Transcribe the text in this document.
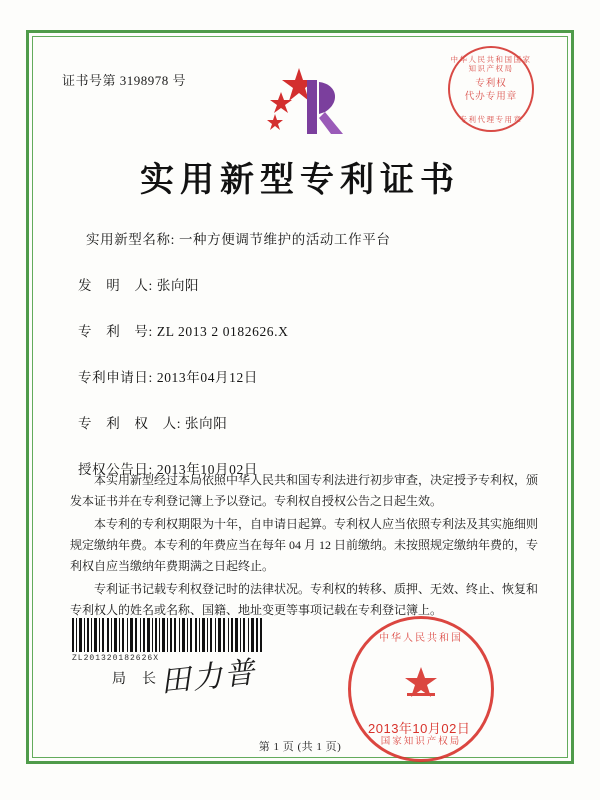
证书号第 3198978 号
中华人民共和国国家知识产权局
专利权
代办专用章
专利代理专用章
实用新型专利证书
实用新型名称: 一种方便调节维护的活动工作平台
发　明　人: 张向阳
专　利　号: ZL 2013 2 0182626.X
专利申请日: 2013年04月12日
专　利　权　人: 张向阳
授权公告日: 2013年10月02日

本实用新型经过本局依照中华人民共和国专利法进行初步审查，决定授予专利权，颁发本证书并在专利登记簿上予以登记。专利权自授权公告之日起生效。

本专利的专利权期限为十年，自申请日起算。专利权人应当依照专利法及其实施细则规定缴纳年费。本专利的年费应当在每年 04 月 12 日前缴纳。未按照规定缴纳年费的，专利权自应当缴纳年费期满之日起终止。

专利证书记载专利权登记时的法律状况。专利权的转移、质押、无效、终止、恢复和专利权人的姓名或名称、国籍、地址变更等事项记载在专利登记簿上。

ZL201320182626X
局　长 田力普
中华人民共和国
国家知识产权局
2013年10月02日
第 1 页 (共 1 页)
